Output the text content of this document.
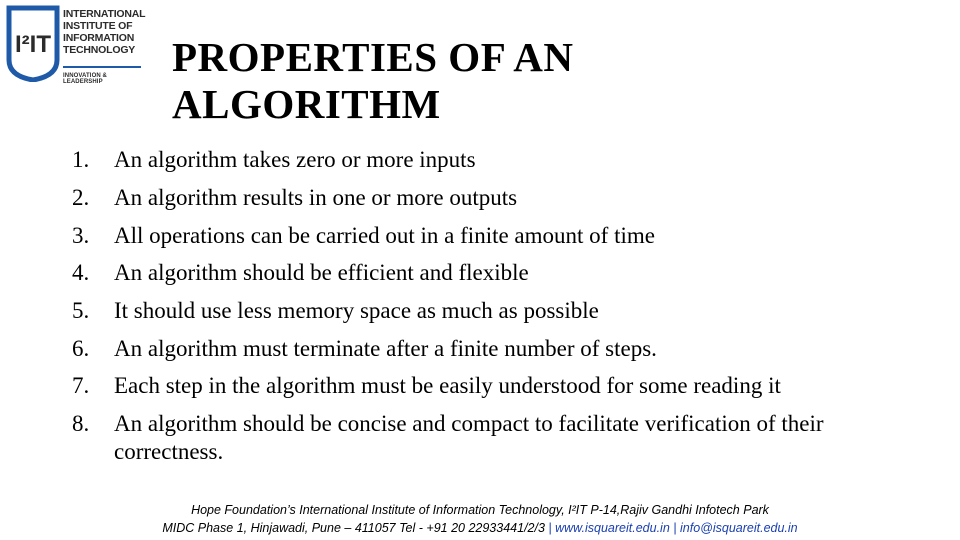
I²IT
INTERNATIONAL
INSTITUTE OF
INFORMATION
TECHNOLOGY
INNOVATION & LEADERSHIP
PROPERTIES OF AN
ALGORITHM
1.	An algorithm takes zero or more inputs
2.	An algorithm results in one or more outputs
3.	All operations can be carried out in a finite amount of time
4.	An algorithm should be efficient and flexible
5.	It should use less memory space as much as possible
6.	An algorithm must terminate after a finite number of steps.
7.	Each step in the algorithm must be easily understood for some reading it
8.	An algorithm should be concise and compact to facilitate verification of their correctness.
Hope Foundation’s International Institute of Information Technology, I²IT P-14,Rajiv Gandhi Infotech Park
MIDC Phase 1, Hinjawadi, Pune – 411057 Tel - +91 20 22933441/2/3 | www.isquareit.edu.in | info@isquareit.edu.in
